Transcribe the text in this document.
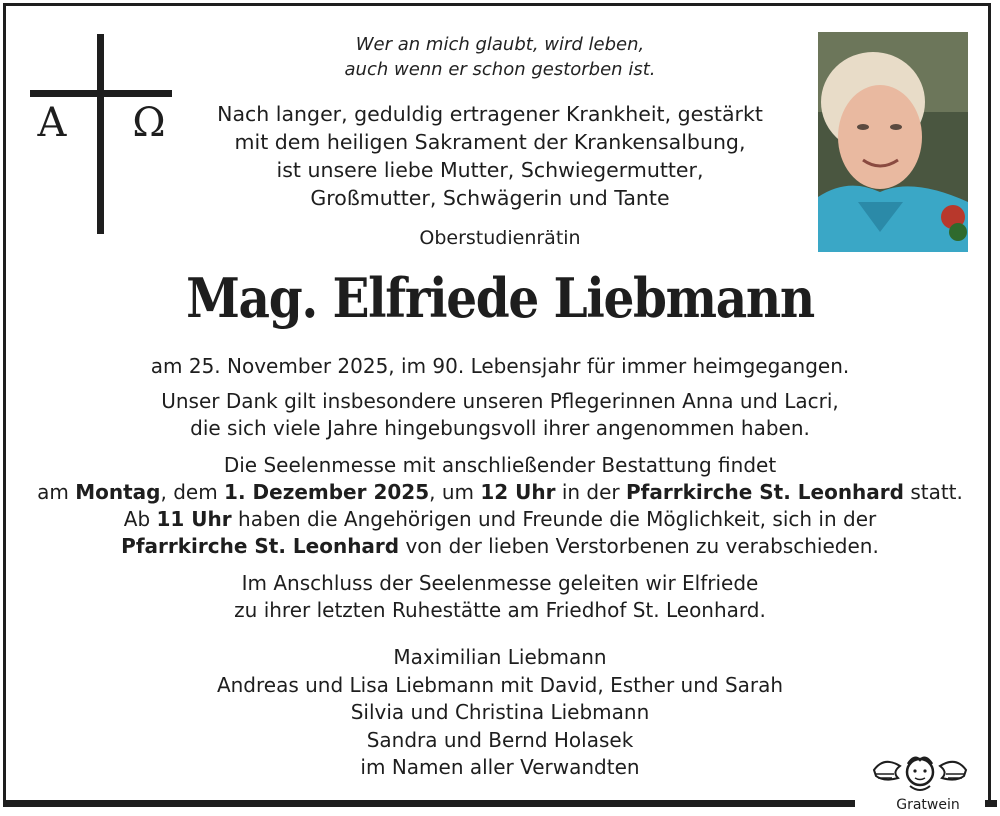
A Ω
Wer an mich glaubt, wird leben,
auch wenn er schon gestorben ist.
Nach langer, geduldig ertragener Krankheit, gestärkt
mit dem heiligen Sakrament der Krankensalbung,
ist unsere liebe Mutter, Schwiegermutter,
Großmutter, Schwägerin und Tante
Oberstudienrätin
Mag. Elfriede Liebmann
am 25. November 2025, im 90. Lebensjahr für immer heimgegangen.
Unser Dank gilt insbesondere unseren Pflegerinnen Anna und Lacri,
die sich viele Jahre hingebungsvoll ihrer angenommen haben.
Die Seelenmesse mit anschließender Bestattung findet
am Montag, dem 1. Dezember 2025, um 12 Uhr in der Pfarrkirche St. Leonhard statt.
Ab 11 Uhr haben die Angehörigen und Freunde die Möglichkeit, sich in der
Pfarrkirche St. Leonhard von der lieben Verstorbenen zu verabschieden.
Im Anschluss der Seelenmesse geleiten wir Elfriede
zu ihrer letzten Ruhestätte am Friedhof St. Leonhard.
Maximilian Liebmann
Andreas und Lisa Liebmann mit David, Esther und Sarah
Silvia und Christina Liebmann
Sandra und Bernd Holasek
im Namen aller Verwandten
Gratwein
